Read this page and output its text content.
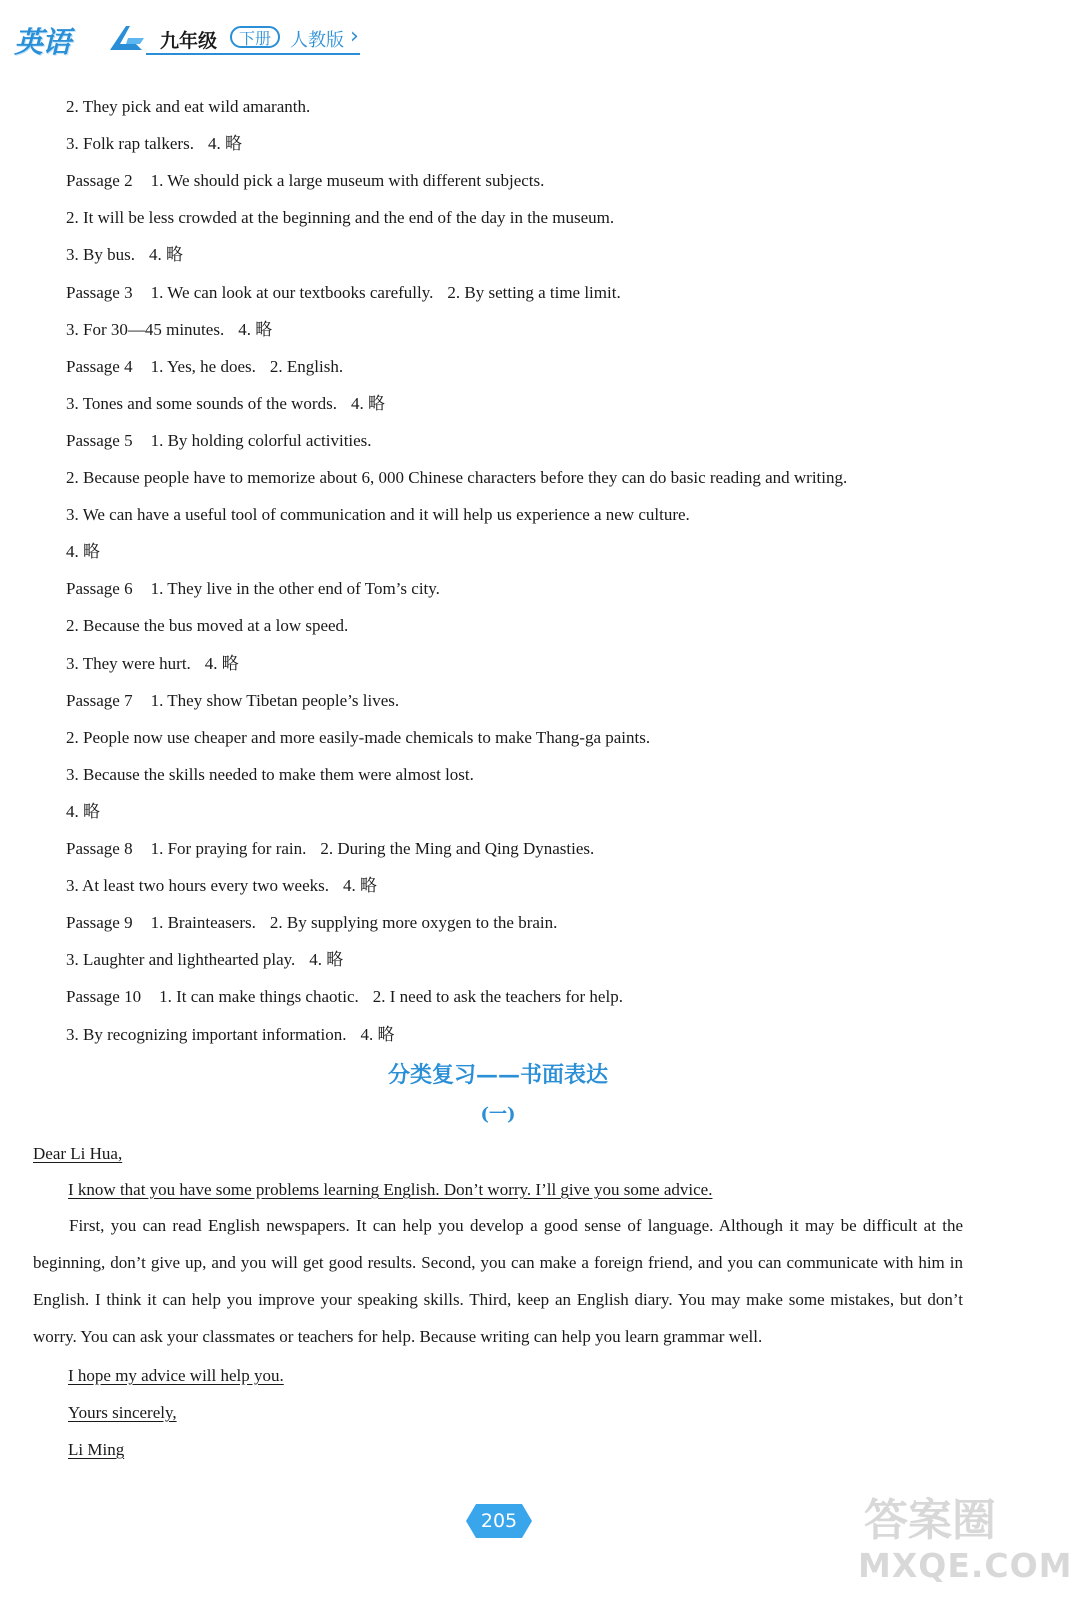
英语	九年级	下册	人教版 ›
2. They pick and eat wild amaranth.
3. Folk rap talkers. 4. 略
Passage 2 1. We should pick a large museum with different subjects.
2. It will be less crowded at the beginning and the end of the day in the museum.
3. By bus. 4. 略
Passage 3 1. We can look at our textbooks carefully. 2. By setting a time limit.
3. For 30—45 minutes. 4. 略
Passage 4 1. Yes, he does. 2. English.
3. Tones and some sounds of the words. 4. 略
Passage 5 1. By holding colorful activities.
2. Because people have to memorize about 6, 000 Chinese characters before they can do basic reading and writing.
3. We can have a useful tool of communication and it will help us experience a new culture.
4. 略
Passage 6 1. They live in the other end of Tom’s city.
2. Because the bus moved at a low speed.
3. They were hurt. 4. 略
Passage 7 1. They show Tibetan people’s lives.
2. People now use cheaper and more easily-made chemicals to make Thang-ga paints.
3. Because the skills needed to make them were almost lost.
4. 略
Passage 8 1. For praying for rain. 2. During the Ming and Qing Dynasties.
3. At least two hours every two weeks. 4. 略
Passage 9 1. Brainteasers. 2. By supplying more oxygen to the brain.
3. Laughter and lighthearted play. 4. 略
Passage 10 1. It can make things chaotic. 2. I need to ask the teachers for help.
3. By recognizing important information. 4. 略
分类复习——书面表达
(一)
Dear Li Hua,
I know that you have some problems learning English. Don’t worry. I’ll give you some advice.
First, you can read English newspapers. It can help you develop a good sense of language. Although it may be difficult at the beginning, don’t give up, and you will get good results. Second, you can make a foreign friend, and you can communicate with him in English. I think it can help you improve your speaking skills. Third, keep an English diary. You may make some mistakes, but don’t worry. You can ask your classmates or teachers for help. Because writing can help you learn grammar well.
I hope my advice will help you.
Yours sincerely,
Li Ming
205	答案圈
MXQE.COM
